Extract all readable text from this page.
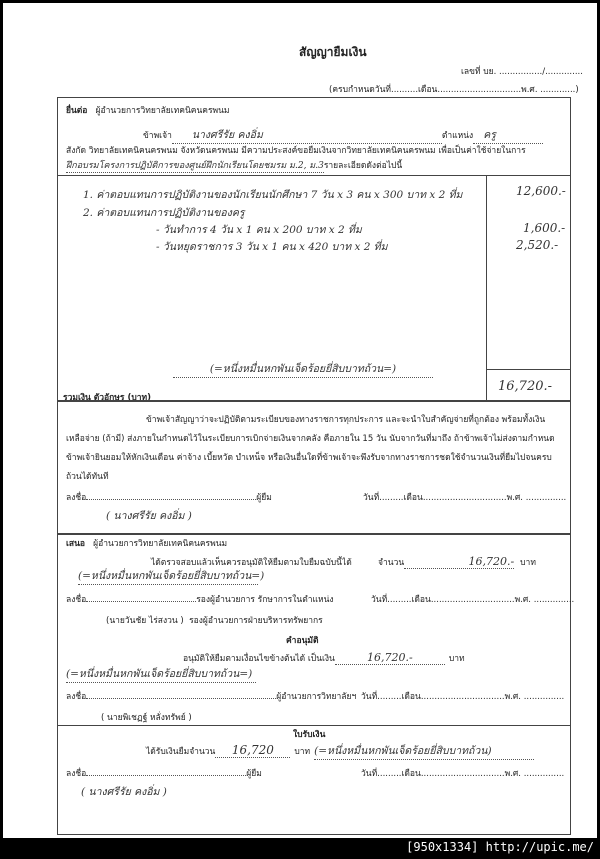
สัญญายืมเงิน
เลขที่ บย. ................/..............
(ครบกำหนดวันที่..........เดือน...............................พ.ศ. .............)
ยื่นต่อ ผู้อำนวยการวิทยาลัยเทคนิคนครพนม
ข้าพเจ้า นางศรีรัย คงอิ่ม	ตำแหน่ง ครู
สังกัด วิทยาลัยเทคนิคนครพนม จังหวัดนครพนม มีความประสงค์ขอยืมเงินจากวิทยาลัยเทคนิคนครพนม เพื่อเป็นค่าใช้จ่ายในการ
ฝึกอบรมโครงการปฏิบัติการของศูนย์ฝึกนักเรียนโดยชมรม ม.2, ม.3รายละเอียดดังต่อไปนี้
1. ค่าตอบแทนการปฏิบัติงานของนักเรียนนักศึกษา 7 วัน x 3 คน x 300 บาท x 2 ที่ม	12,600.-
2. ค่าตอบแทนการปฏิบัติงานของครู
- วันทำการ 4 วัน x 1 คน x 200 บาท x 2 ที่ม	1,600.-
- วันหยุดราชการ 3 วัน x 1 คน x 420 บาท x 2 ที่ม	2,520.-
(=หนึ่งหมื่นหกพันเจ็ดร้อยยี่สิบบาทถ้วน=)
รวมเงิน ตัวอักษร (บาท)
16,720.-
ข้าพเจ้าสัญญาว่าจะปฏิบัติตามระเบียบของทางราชการทุกประการ และจะนำใบสำคัญจ่ายที่ถูกต้อง พร้อมทั้งเงินเหลือจ่าย (ถ้ามี) ส่งภายในกำหนดไว้ในระเบียบการเบิกจ่ายเงินจากคลัง คือภายใน 15 วัน นับจากวันที่มาถึง ถ้าข้าพเจ้าไม่ส่งตามกำหนด ข้าพเจ้ายินยอมให้หักเงินเดือน ค่าจ้าง เบี้ยหวัด บำเหน็จ หรือเงินอื่นใดที่ข้าพเจ้าจะพึงรับจากทางราชการชดใช้จำนวนเงินที่ยืมไปจนครบถ้วนได้ทันที
ลงชื่อ	ผู้ยืม	วันที่.........เดือน...............................พ.ศ. ...............
( นางศรีรัย คงอิ่ม )
เสนอ ผู้อำนวยการวิทยาลัยเทคนิคนครพนม
ได้ตรวจสอบแล้วเห็นควรอนุมัติให้ยืมตามใบยืมฉบับนี้ได้	จำนวน	16,720.- บาท
(=หนึ่งหมื่นหกพันเจ็ดร้อยยี่สิบบาทถ้วน=)
ลงชื่อ	รองผู้อำนวยการ รักษาการในตำแหน่ง	วันที่.........เดือน...............................พ.ศ. ...............
(นายวันชัย ไร่สงวน ) รองผู้อำนวยการฝ่ายบริหารทรัพยากร
คำอนุมัติ
อนุมัติให้ยืมตามเงื่อนไขข้างต้นได้ เป็นเงิน	16,720.-	บาท
(=หนึ่งหมื่นหกพันเจ็ดร้อยยี่สิบบาทถ้วน=)
ลงชื่อ	ผู้อำนวยการวิทยาลัยฯ วันที่.........เดือน...............................พ.ศ. ...............
( นายพิเชฏฐ์ หลั่งทรัพย์ )
ใบรับเงิน
ได้รับเงินยืมจำนวน 16,720 บาท (=หนึ่งหมื่นหกพันเจ็ดร้อยยี่สิบบาทถ้วน)
ลงชื่อ	ผู้ยืม	วันที่.........เดือน...............................พ.ศ. ...............
( นางศรีรัย คงอิ่ม )
[950x1334] http://upic.me/
